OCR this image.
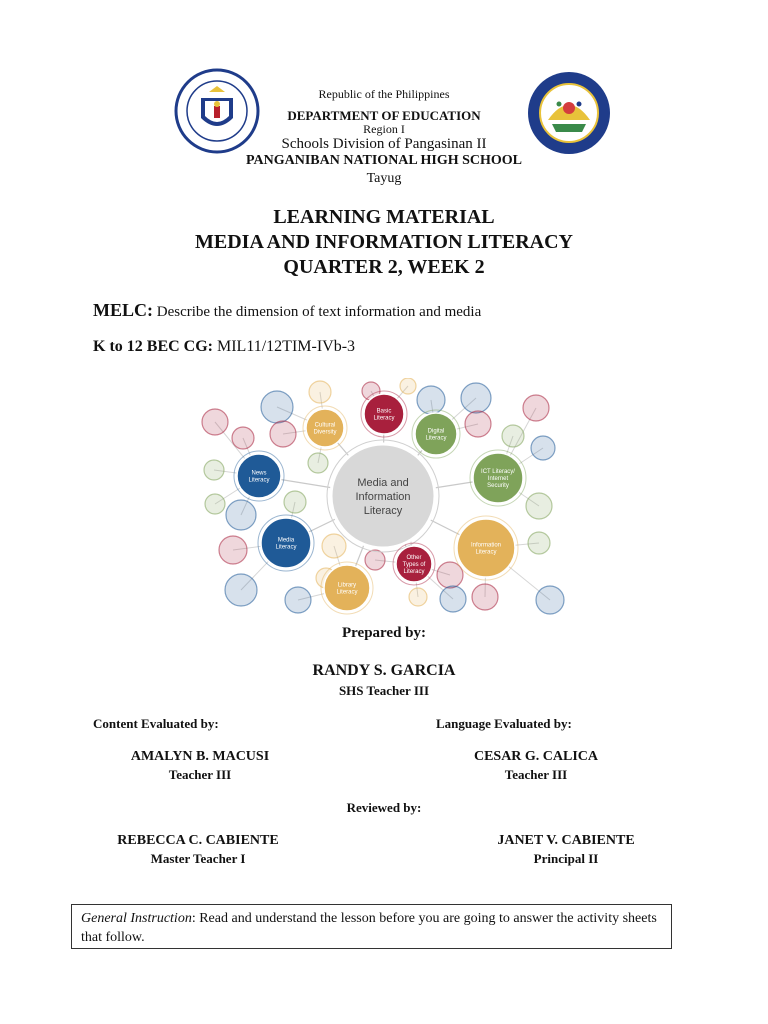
Republic of the Philippines
DEPARTMENT OF EDUCATION
Region I
Schools Division of Pangasinan II
PANGANIBAN NATIONAL HIGH SCHOOL
Tayug
LEARNING MATERIAL
MEDIA AND INFORMATION LITERACY
QUARTER 2, WEEK 2
MELC: Describe the dimension of text information and media
K to 12 BEC CG: MIL11/12TIM-IVb-3
Media and
Information
Literacy
Basic
Literacy
Cultural
Diversity	Digital
Literacy
News
Literacy
ICT Literacy/
Internet
Security
Media
Literacy	Information
Literacy
Other
Types of
Literacy
Library
Literacy
Prepared by:
RANDY S. GARCIA
SHS Teacher III
Content Evaluated by:	Language Evaluated by:
AMALYN B. MACUSI
Teacher III
CESAR G. CALICA
Teacher III
Reviewed by:
REBECCA C. CABIENTE
Master Teacher I
JANET V. CABIENTE
Principal II
General Instruction: Read and understand the lesson before you are going to answer the activity sheets that follow.
